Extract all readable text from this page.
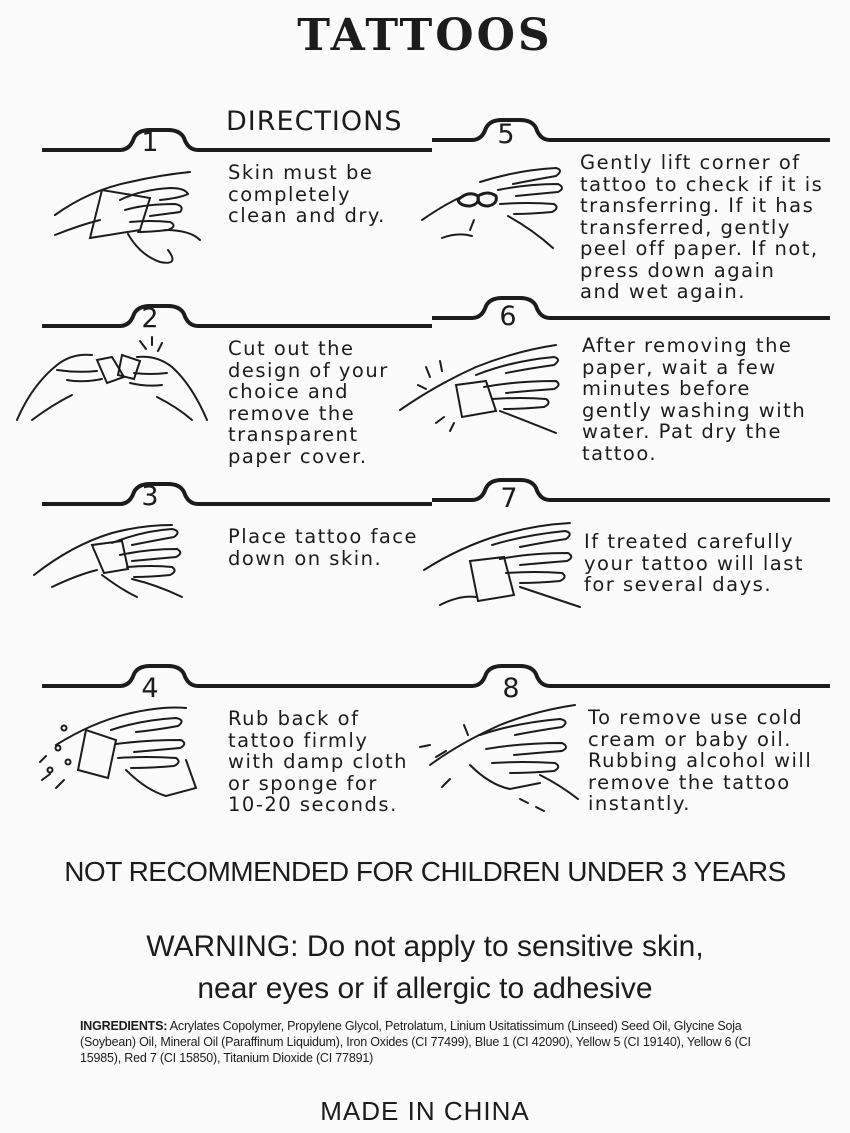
TATTOOS
DIRECTIONS
1
Skin must be
completely
clean and dry.
2
Cut out the
design of your
choice and
remove the
transparent
paper cover.
3
Place tattoo face
down on skin.
4
Rub back of
tattoo firmly
with damp cloth
or sponge for
10-20 seconds.
5
Gently lift corner of
tattoo to check if it is
transferring. If it has
transferred, gently
peel off paper. If not,
press down again
and wet again.
6
After removing the
paper, wait a few
minutes before
gently washing with
water. Pat dry the
tattoo.
7
If treated carefully
your tattoo will last
for several days.
8
To remove use cold
cream or baby oil.
Rubbing alcohol will
remove the tattoo
instantly.
NOT RECOMMENDED FOR CHILDREN UNDER 3 YEARS
WARNING: Do not apply to sensitive skin,
near eyes or if allergic to adhesive
INGREDIENTS: Acrylates Copolymer, Propylene Glycol, Petrolatum, Linium Usitatissimum (Linseed) Seed Oil, Glycine Soja (Soybean) Oil, Mineral Oil (Paraffinum Liquidum), Iron Oxides (CI 77499), Blue 1 (CI 42090), Yellow 5 (CI 19140), Yellow 6 (CI 15985), Red 7 (CI 15850), Titanium Dioxide (CI 77891)
MADE IN CHINA
